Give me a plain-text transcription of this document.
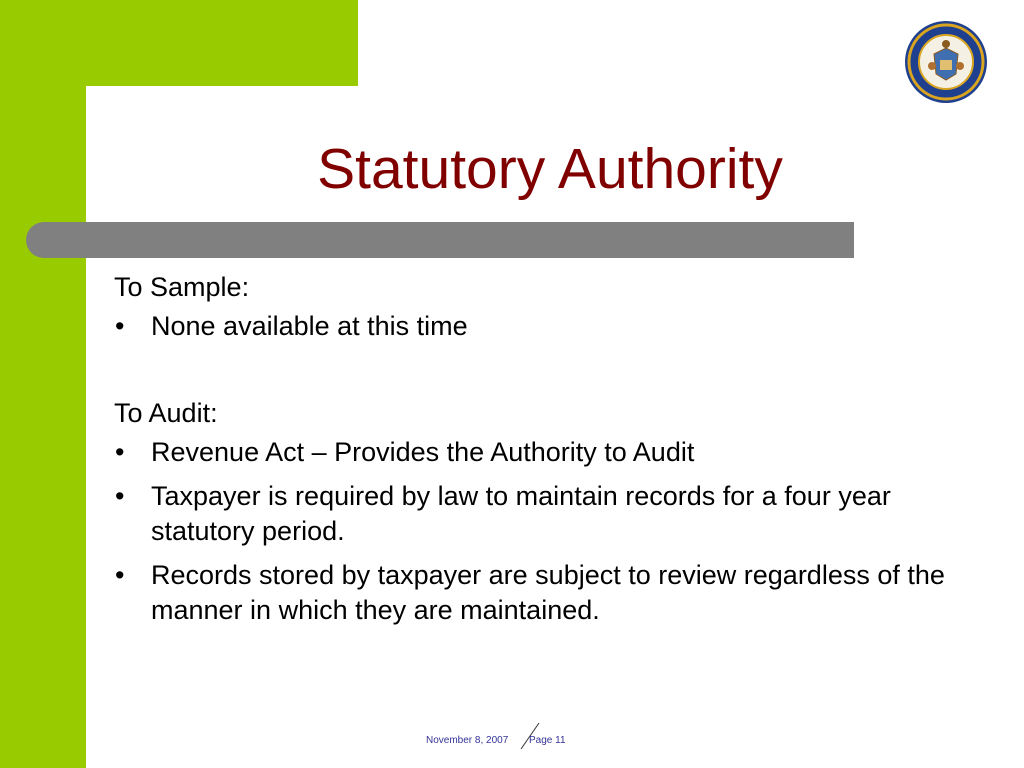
Statutory Authority
To Sample:
• None available at this time
To Audit:
• Revenue Act – Provides the Authority to Audit
• Taxpayer is required by law to maintain records for a four year statutory period.
• Records stored by taxpayer are subject to review regardless of the manner in which they are maintained.
November 8, 2007 Page 11
